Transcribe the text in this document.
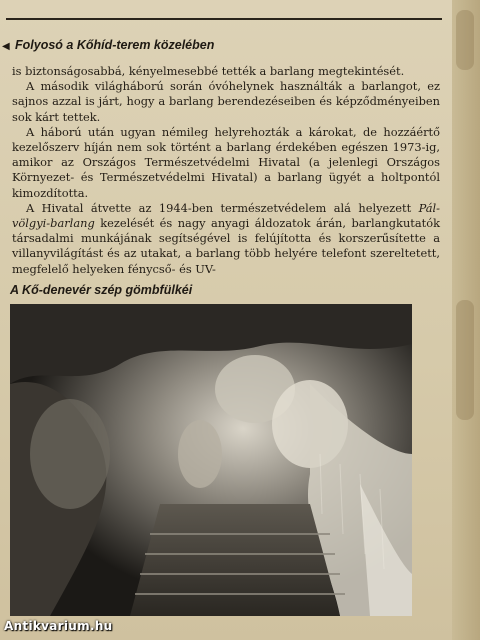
◀ Folyosó a Kőhíd-terem közelében

is biztonságosabbá, kényelmesebbé tették a barlang megtekintését.

A második világháború során óvóhelynek használták a barlangot, ez sajnos azzal is járt, hogy a barlang berendezéseiben és képződményeiben sok kárt tettek.

A háború után ugyan némileg helyrehozták a károkat, de hozzáértő kezelőszerv híján nem sok történt a barlang érdekében egészen 1973-ig, amikor az Országos Természetvédelmi Hivatal (a jelenlegi Országos Környezet- és Természetvédelmi Hivatal) a barlang ügyét a holtpontól kimozdította.

A Hivatal átvette az 1944-ben természetvédelem alá helyezett Pál-völgyi-barlang kezelését és nagy anyagi áldozatok árán, barlangkutatók társadalmi munkájának segítségével is felújította és korszerűsítette a villanyvilágítást és az utakat, a barlang több helyére telefont szereltetett, megfelelő helyeken fénycső- és UV-

A Kő-denevér szép gömbfülkéi
Antikvarium.hu
